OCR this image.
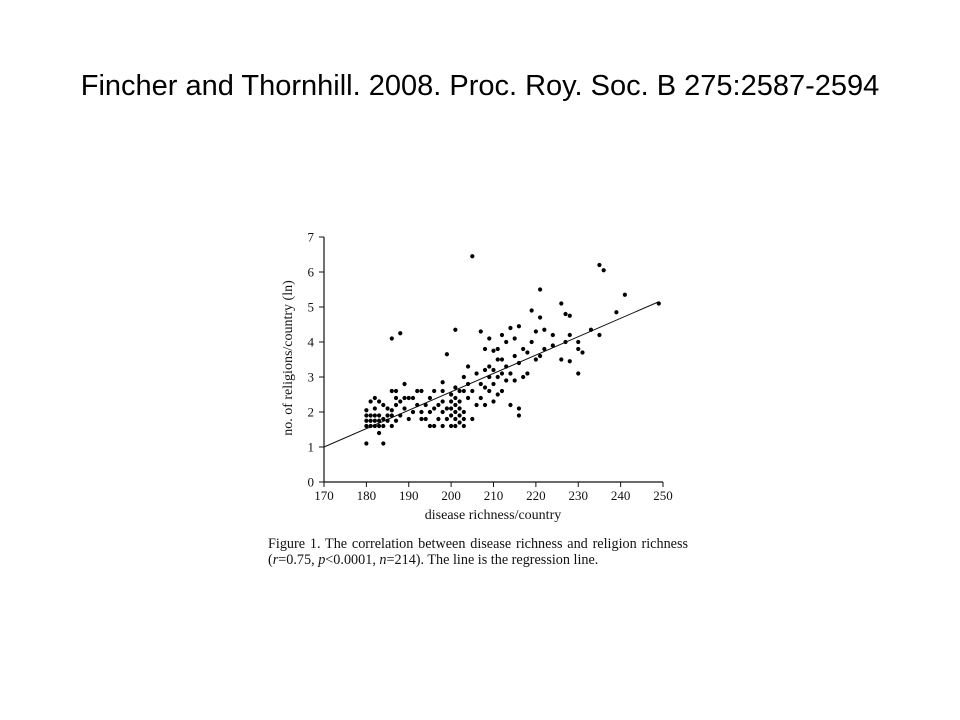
Fincher and Thornhill. 2008. Proc. Roy. Soc. B 275:2587-2594
170 180 190 200 210 220 230 240 250
0
1
2
3
4
5
6
7
disease richness/country
no. of religions/country (ln)
Figure 1. The correlation between disease richness and religion richness (r=0.75, p<0.0001, n=214). The line is the regression line.
